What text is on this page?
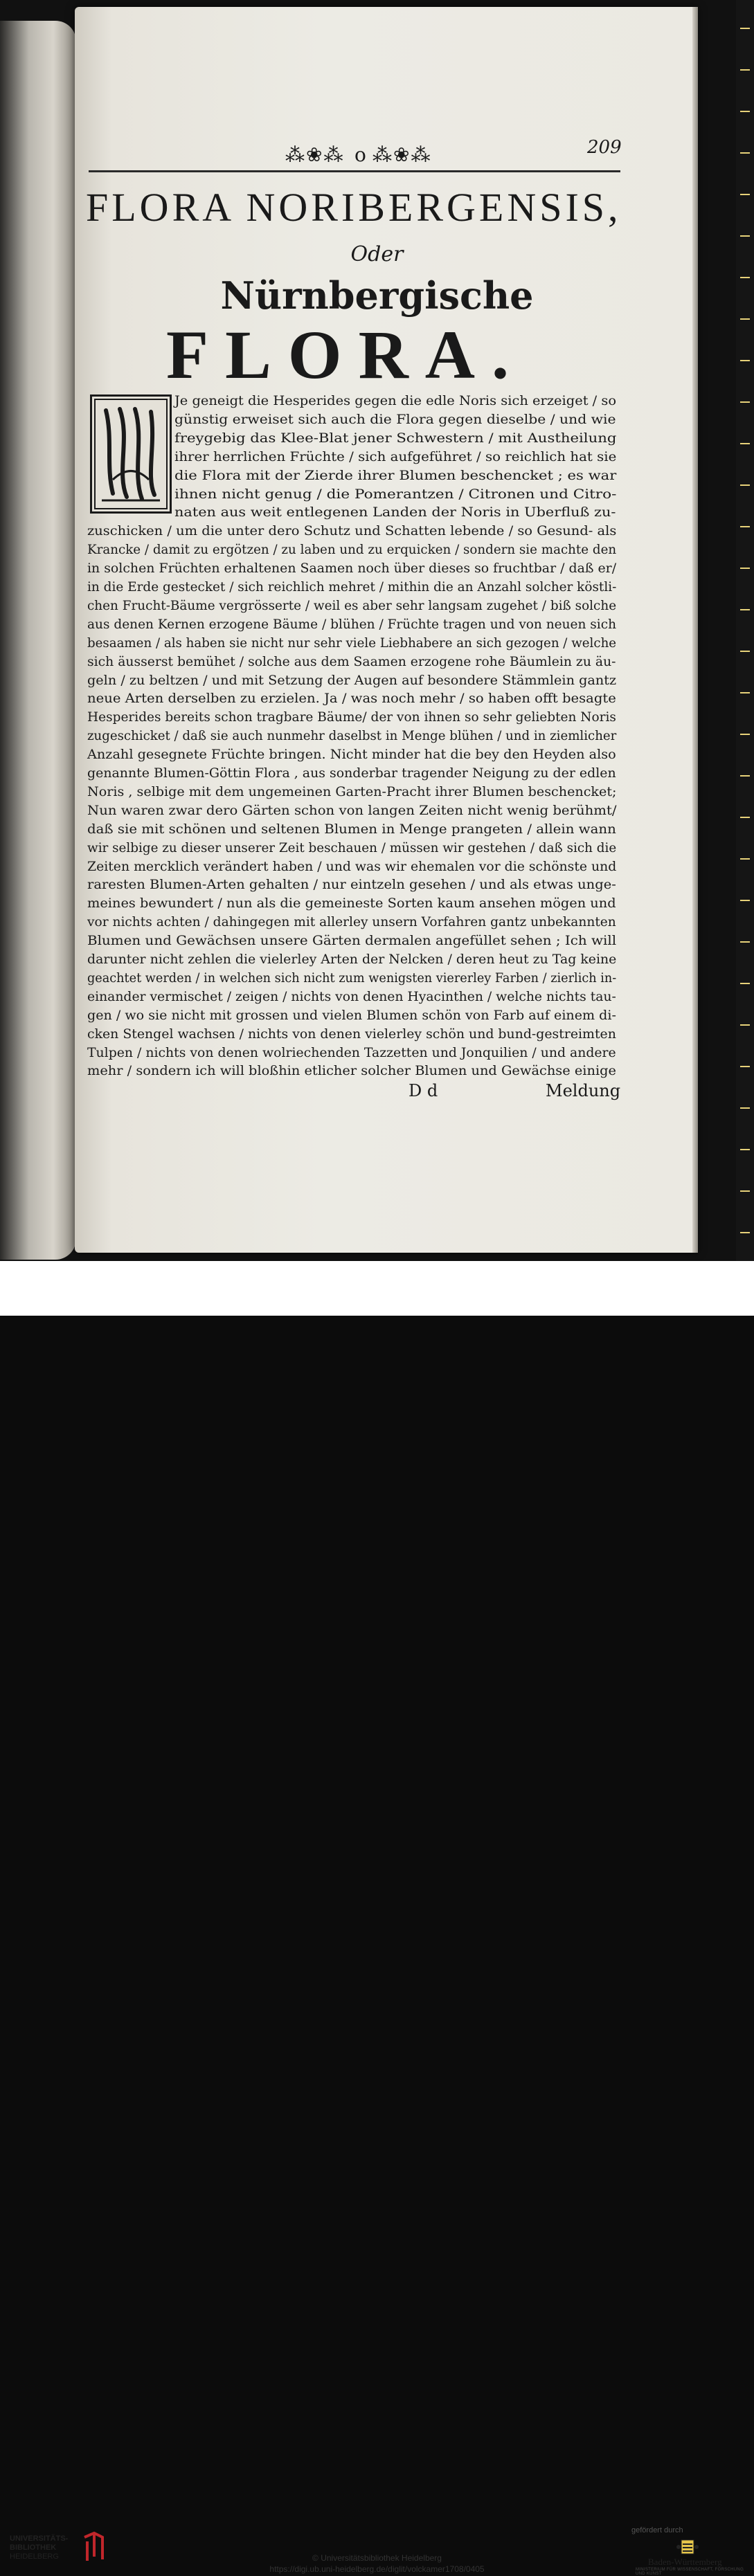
⁂❀⁂ o ⁂❀⁂	209
FLORA NORIBERGENSIS,
Oder
Nürnbergische
FLORA.
Je geneigt die Hesperides gegen die edle Noris sich erzeiget / so
günstig erweiset sich auch die Flora gegen dieselbe / und wie
freygebig das Klee-Blat jener Schwestern / mit Austheilung
ihrer herrlichen Früchte / sich aufgeführet / so reichlich hat sie
die Flora mit der Zierde ihrer Blumen beschencket ; es war
ihnen nicht genug / die Pomerantzen / Citronen und Citro-
naten aus weit entlegenen Landen der Noris in Uberfluß zu-
zuschicken / um die unter dero Schutz und Schatten lebende / so Gesund- als
Krancke / damit zu ergötzen / zu laben und zu erquicken / sondern sie machte den
in solchen Früchten erhaltenen Saamen noch über dieses so fruchtbar / daß er/
in die Erde gestecket / sich reichlich mehret / mithin die an Anzahl solcher köstli-
chen Frucht-Bäume vergrösserte / weil es aber sehr langsam zugehet / biß solche
aus denen Kernen erzogene Bäume / blühen / Früchte tragen und von neuen sich
besaamen / als haben sie nicht nur sehr viele Liebhabere an sich gezogen / welche
sich äusserst bemühet / solche aus dem Saamen erzogene rohe Bäumlein zu äu-
geln / zu beltzen / und mit Setzung der Augen auf besondere Stämmlein gantz
neue Arten derselben zu erzielen. Ja / was noch mehr / so haben offt besagte
Hesperides bereits schon tragbare Bäume/ der von ihnen so sehr geliebten Noris
zugeschicket / daß sie auch nunmehr daselbst in Menge blühen / und in ziemlicher
Anzahl gesegnete Früchte bringen. Nicht minder hat die bey den Heyden also
genannte Blumen-Göttin Flora , aus sonderbar tragender Neigung zu der edlen
Noris , selbige mit dem ungemeinen Garten-Pracht ihrer Blumen beschencket;
Nun waren zwar dero Gärten schon von langen Zeiten nicht wenig berühmt/
daß sie mit schönen und seltenen Blumen in Menge prangeten / allein wann
wir selbige zu dieser unserer Zeit beschauen / müssen wir gestehen / daß sich die
Zeiten mercklich verändert haben / und was wir ehemalen vor die schönste und
raresten Blumen-Arten gehalten / nur eintzeln gesehen / und als etwas unge-
meines bewundert / nun als die gemeineste Sorten kaum ansehen mögen und
vor nichts achten / dahingegen mit allerley unsern Vorfahren gantz unbekannten
Blumen und Gewächsen unsere Gärten dermalen angefüllet sehen ; Ich will
darunter nicht zehlen die vielerley Arten der Nelcken / deren heut zu Tag keine
geachtet werden / in welchen sich nicht zum wenigsten viererley Farben / zierlich in-
einander vermischet / zeigen / nichts von denen Hyacinthen / welche nichts tau-
gen / wo sie nicht mit grossen und vielen Blumen schön von Farb auf einem di-
cken Stengel wachsen / nichts von denen vielerley schön und bund-gestreimten
Tulpen / nichts von denen wolriechenden Tazzetten und Jonquilien / und andere
mehr / sondern ich will bloßhin etlicher solcher Blumen und Gewächse einige
D d	Meldung
UNIVERSITÄTS-
BIBLIOTHEK
HEIDELBERG	© Universitätsbibliothek Heidelberg
https://digi.ub.uni-heidelberg.de/diglit/volckamer1708/0405
gefördert durch
Baden-Württemberg
MINISTERIUM FÜR WISSENSCHAFT, FORSCHUNG UND KUNST
